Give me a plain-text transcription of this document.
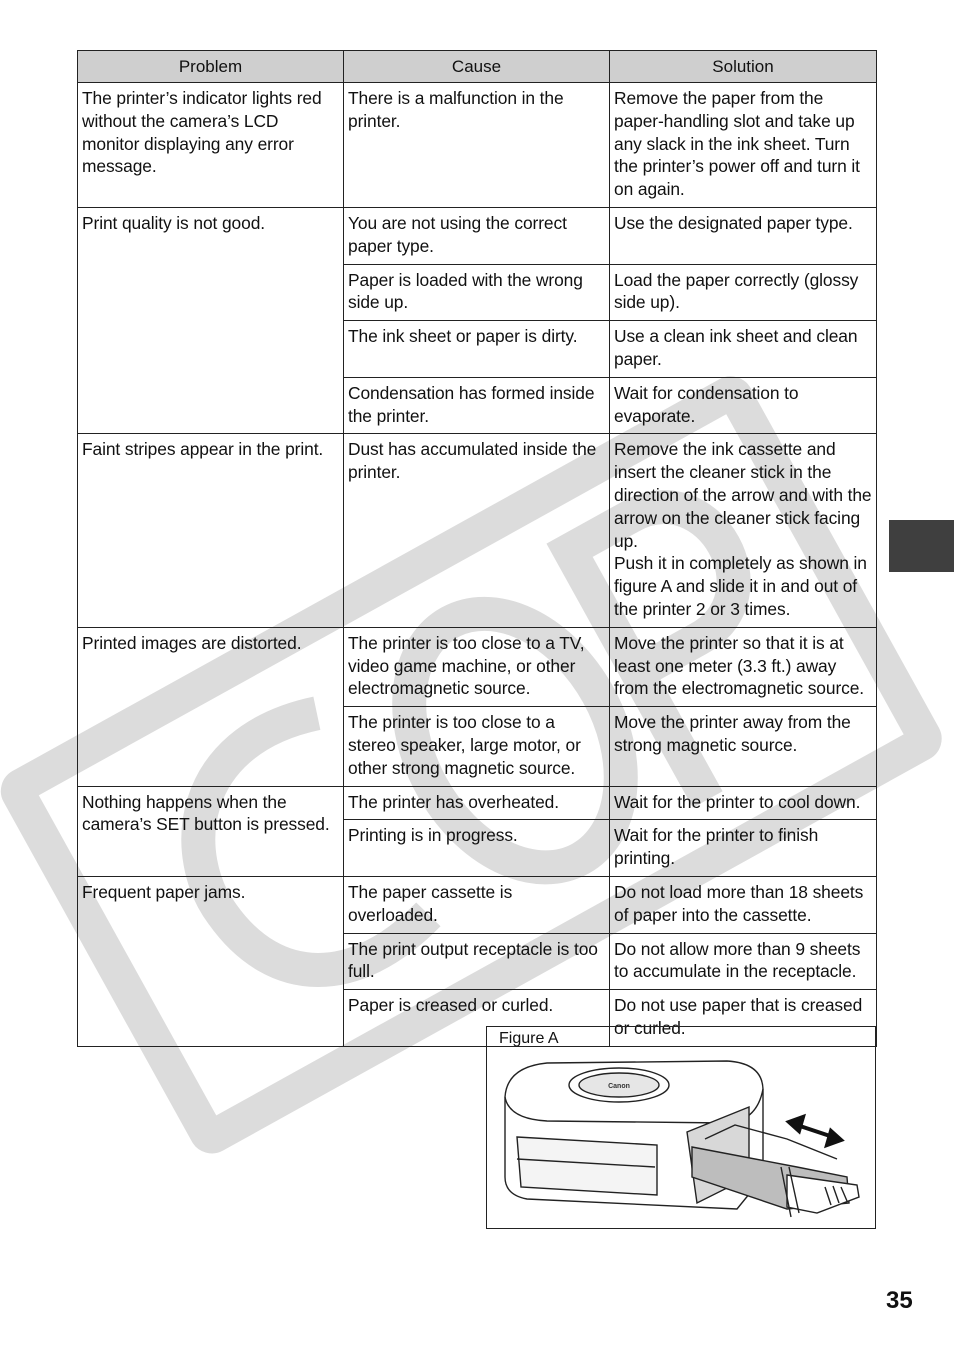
Problem	Cause	Solution
The printer’s indicator lights red without the camera’s LCD monitor displaying any error message.	There is a malfunction in the printer.	Remove the paper from the paper-handling slot and take up any slack in the ink sheet. Turn the printer’s power off and turn it on again.
Print quality is not good.	You are not using the correct paper type.	Use the designated paper type.
	Paper is loaded with the wrong side up.	Load the paper correctly (glossy side up).
	The ink sheet or paper is dirty.	Use a clean ink sheet and clean paper.
	Condensation has formed inside the printer.	Wait for condensation to evaporate.
Faint stripes appear in the print.	Dust has accumulated inside the printer.	Remove the ink cassette and insert the cleaner stick in the direction of the arrow and with the arrow on the cleaner stick facing up.
Push it in completely as shown in figure A and slide it in and out of the printer 2 or 3 times.

Printed images are distorted.	The printer is too close to a TV, video game machine, or other electromagnetic source.	Move the printer so that it is at least one meter (3.3 ft.) away from the electromagnetic source.
	The printer is too close to a stereo speaker, large motor, or other strong magnetic source.	Move the printer away from the strong magnetic source.
Nothing happens when the camera’s SET button is pressed.	The printer has overheated.	Wait for the printer to cool down.
	Printing is in progress.	Wait for the printer to finish printing.
Frequent paper jams.	The paper cassette is overloaded.	Do not load more than 18 sheets of paper into the cassette.
	The print output receptacle is too full.	Do not allow more than 9 sheets to accumulate in the receptacle.
	Paper is creased or curled.	Do not use paper that is creased or curled.
Canon
Figure A
35
